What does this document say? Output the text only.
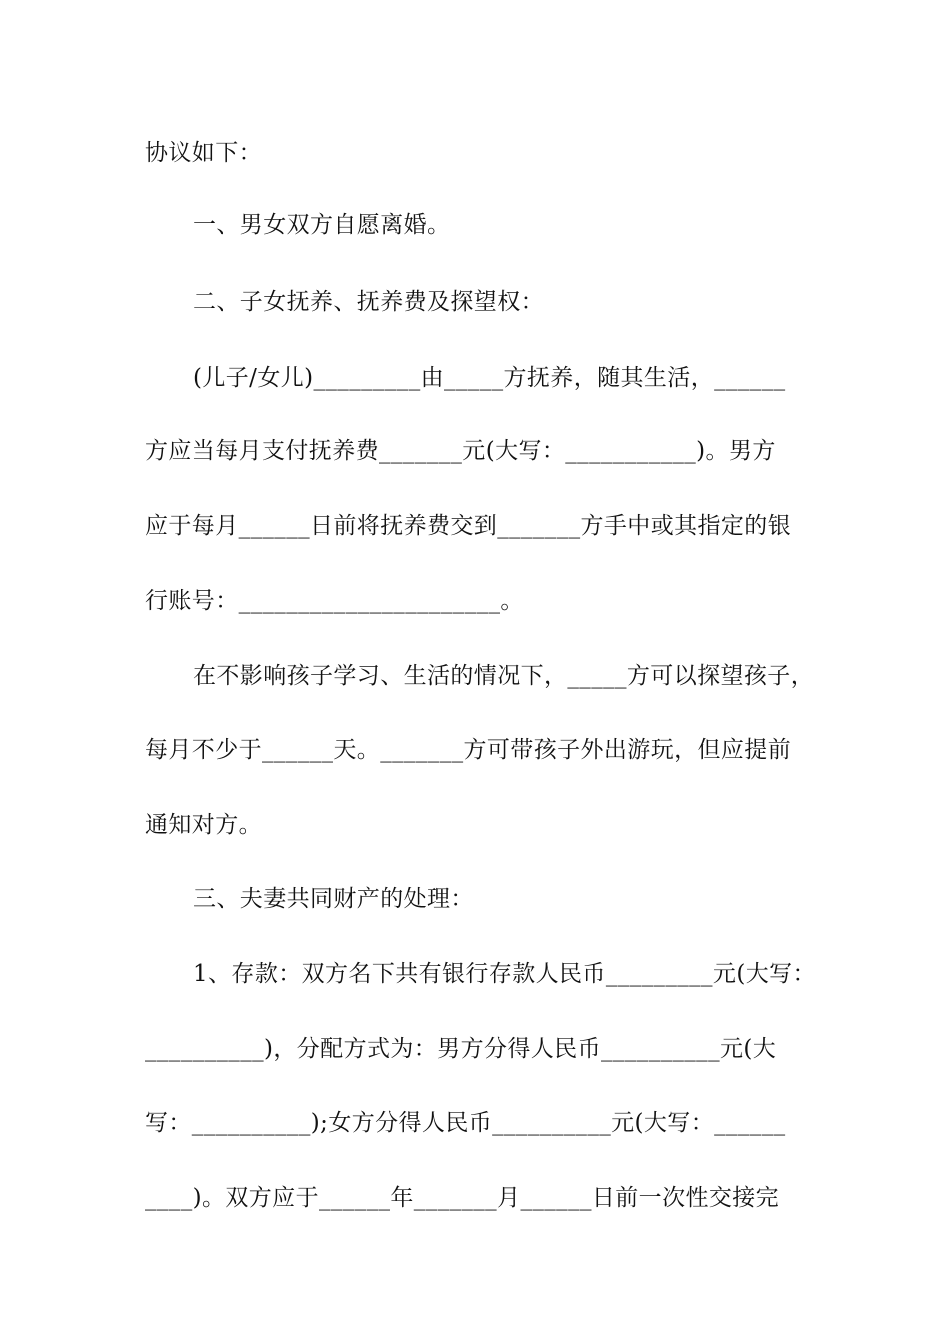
协议如下：
一、男女双方自愿离婚。
二、子女抚养、抚养费及探望权：
(儿子/女儿)_________由_____方抚养，随其生活，______
方应当每月支付抚养费_______元(大写：___________)。男方
应于每月______日前将抚养费交到_______方手中或其指定的银
行账号：______________________。
在不影响孩子学习、生活的情况下，_____方可以探望孩子，
每月不少于______天。_______方可带孩子外出游玩，但应提前
通知对方。
三、夫妻共同财产的处理：
1、存款：双方名下共有银行存款人民币_________元(大写：
__________)，分配方式为：男方分得人民币__________元(大
写：__________);女方分得人民币__________元(大写：______
____)。双方应于______年_______月______日前一次性交接完
